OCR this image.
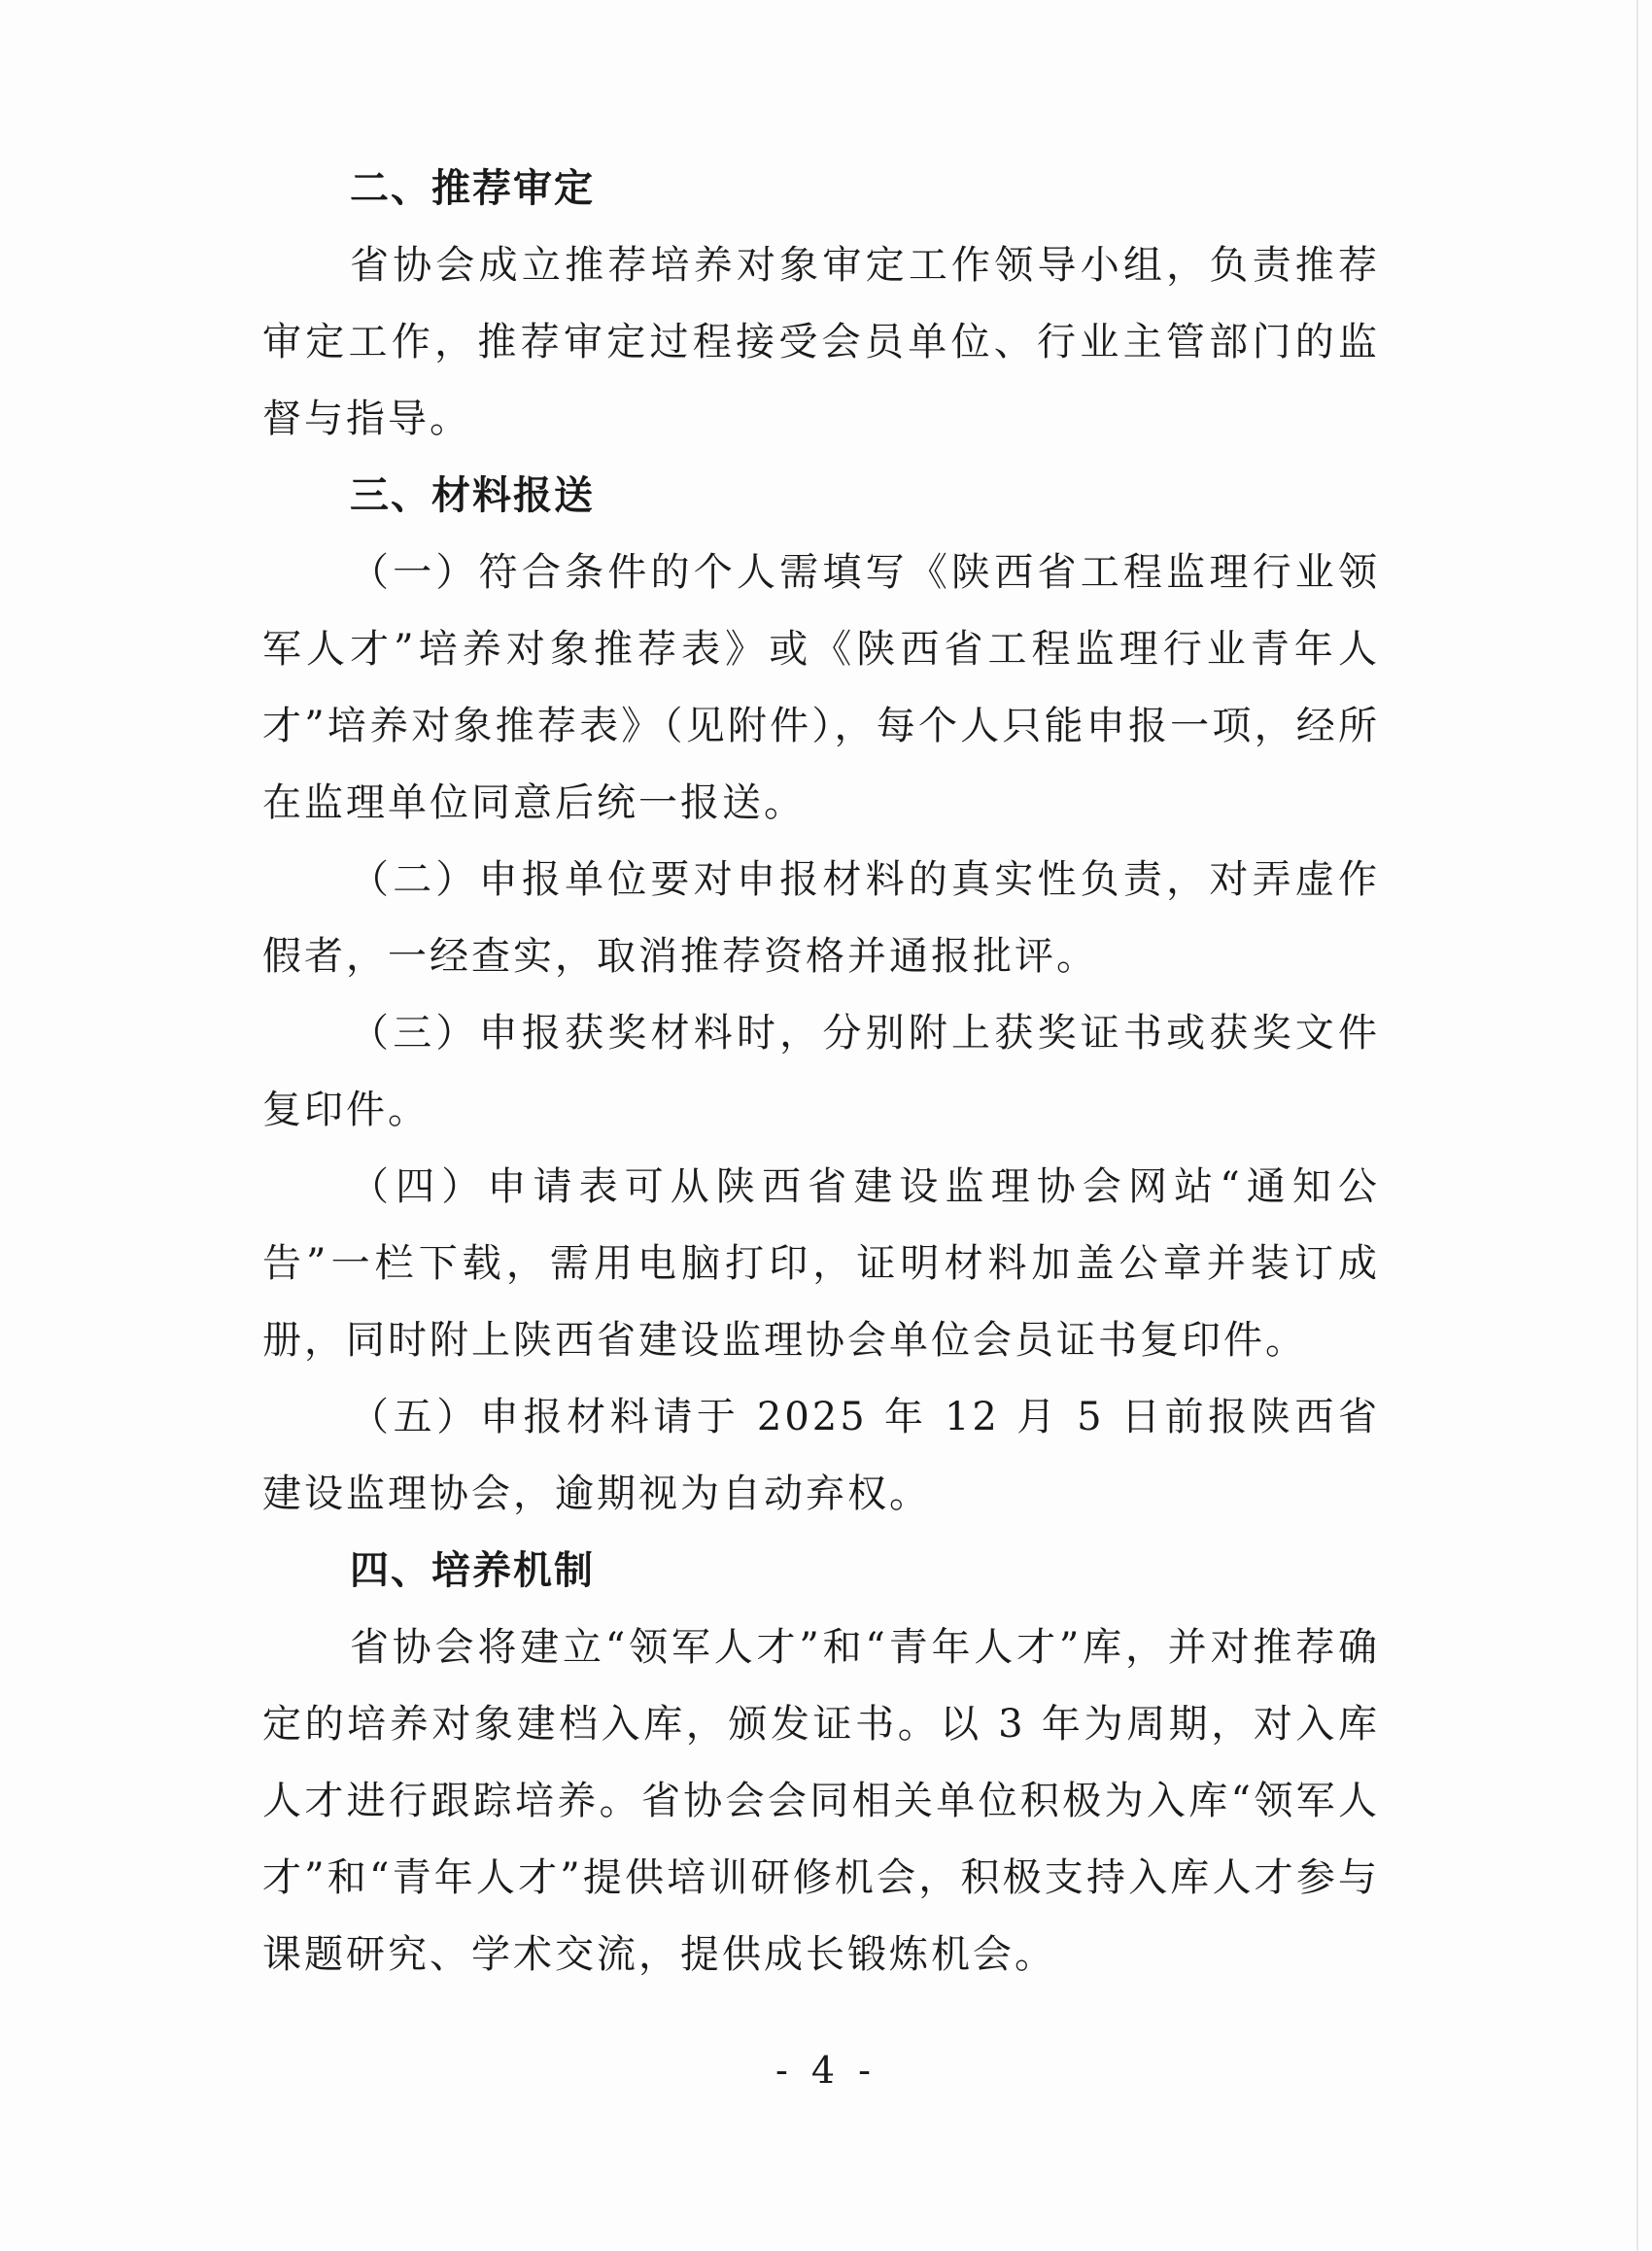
二、推荐审定

省协会成立推荐培养对象审定工作领导小组，负责推荐审定工作，推荐审定过程接受会员单位、行业主管部门的监督与指导。

三、材料报送

（一）符合条件的个人需填写《陕西省工程监理行业领军人才”培养对象推荐表》或《陕西省工程监理行业青年人才”培养对象推荐表》（见附件），每个人只能申报一项，经所在监理单位同意后统一报送。

（二）申报单位要对申报材料的真实性负责，对弄虚作假者，一经查实，取消推荐资格并通报批评。

（三）申报获奖材料时，分别附上获奖证书或获奖文件复印件。

（四）申请表可从陕西省建设监理协会网站“通知公告”一栏下载，需用电脑打印，证明材料加盖公章并装订成册，同时附上陕西省建设监理协会单位会员证书复印件。

（五）申报材料请于 2025 年 12 月 5 日前报陕西省建设监理协会，逾期视为自动弃权。

四、培养机制

省协会将建立“领军人才”和“青年人才”库，并对推荐确定的培养对象建档入库，颁发证书。以 3 年为周期，对入库人才进行跟踪培养。省协会会同相关单位积极为入库“领军人才”和“青年人才”提供培训研修机会，积极支持入库人才参与课题研究、学术交流，提供成长锻炼机会。

- 4 -
